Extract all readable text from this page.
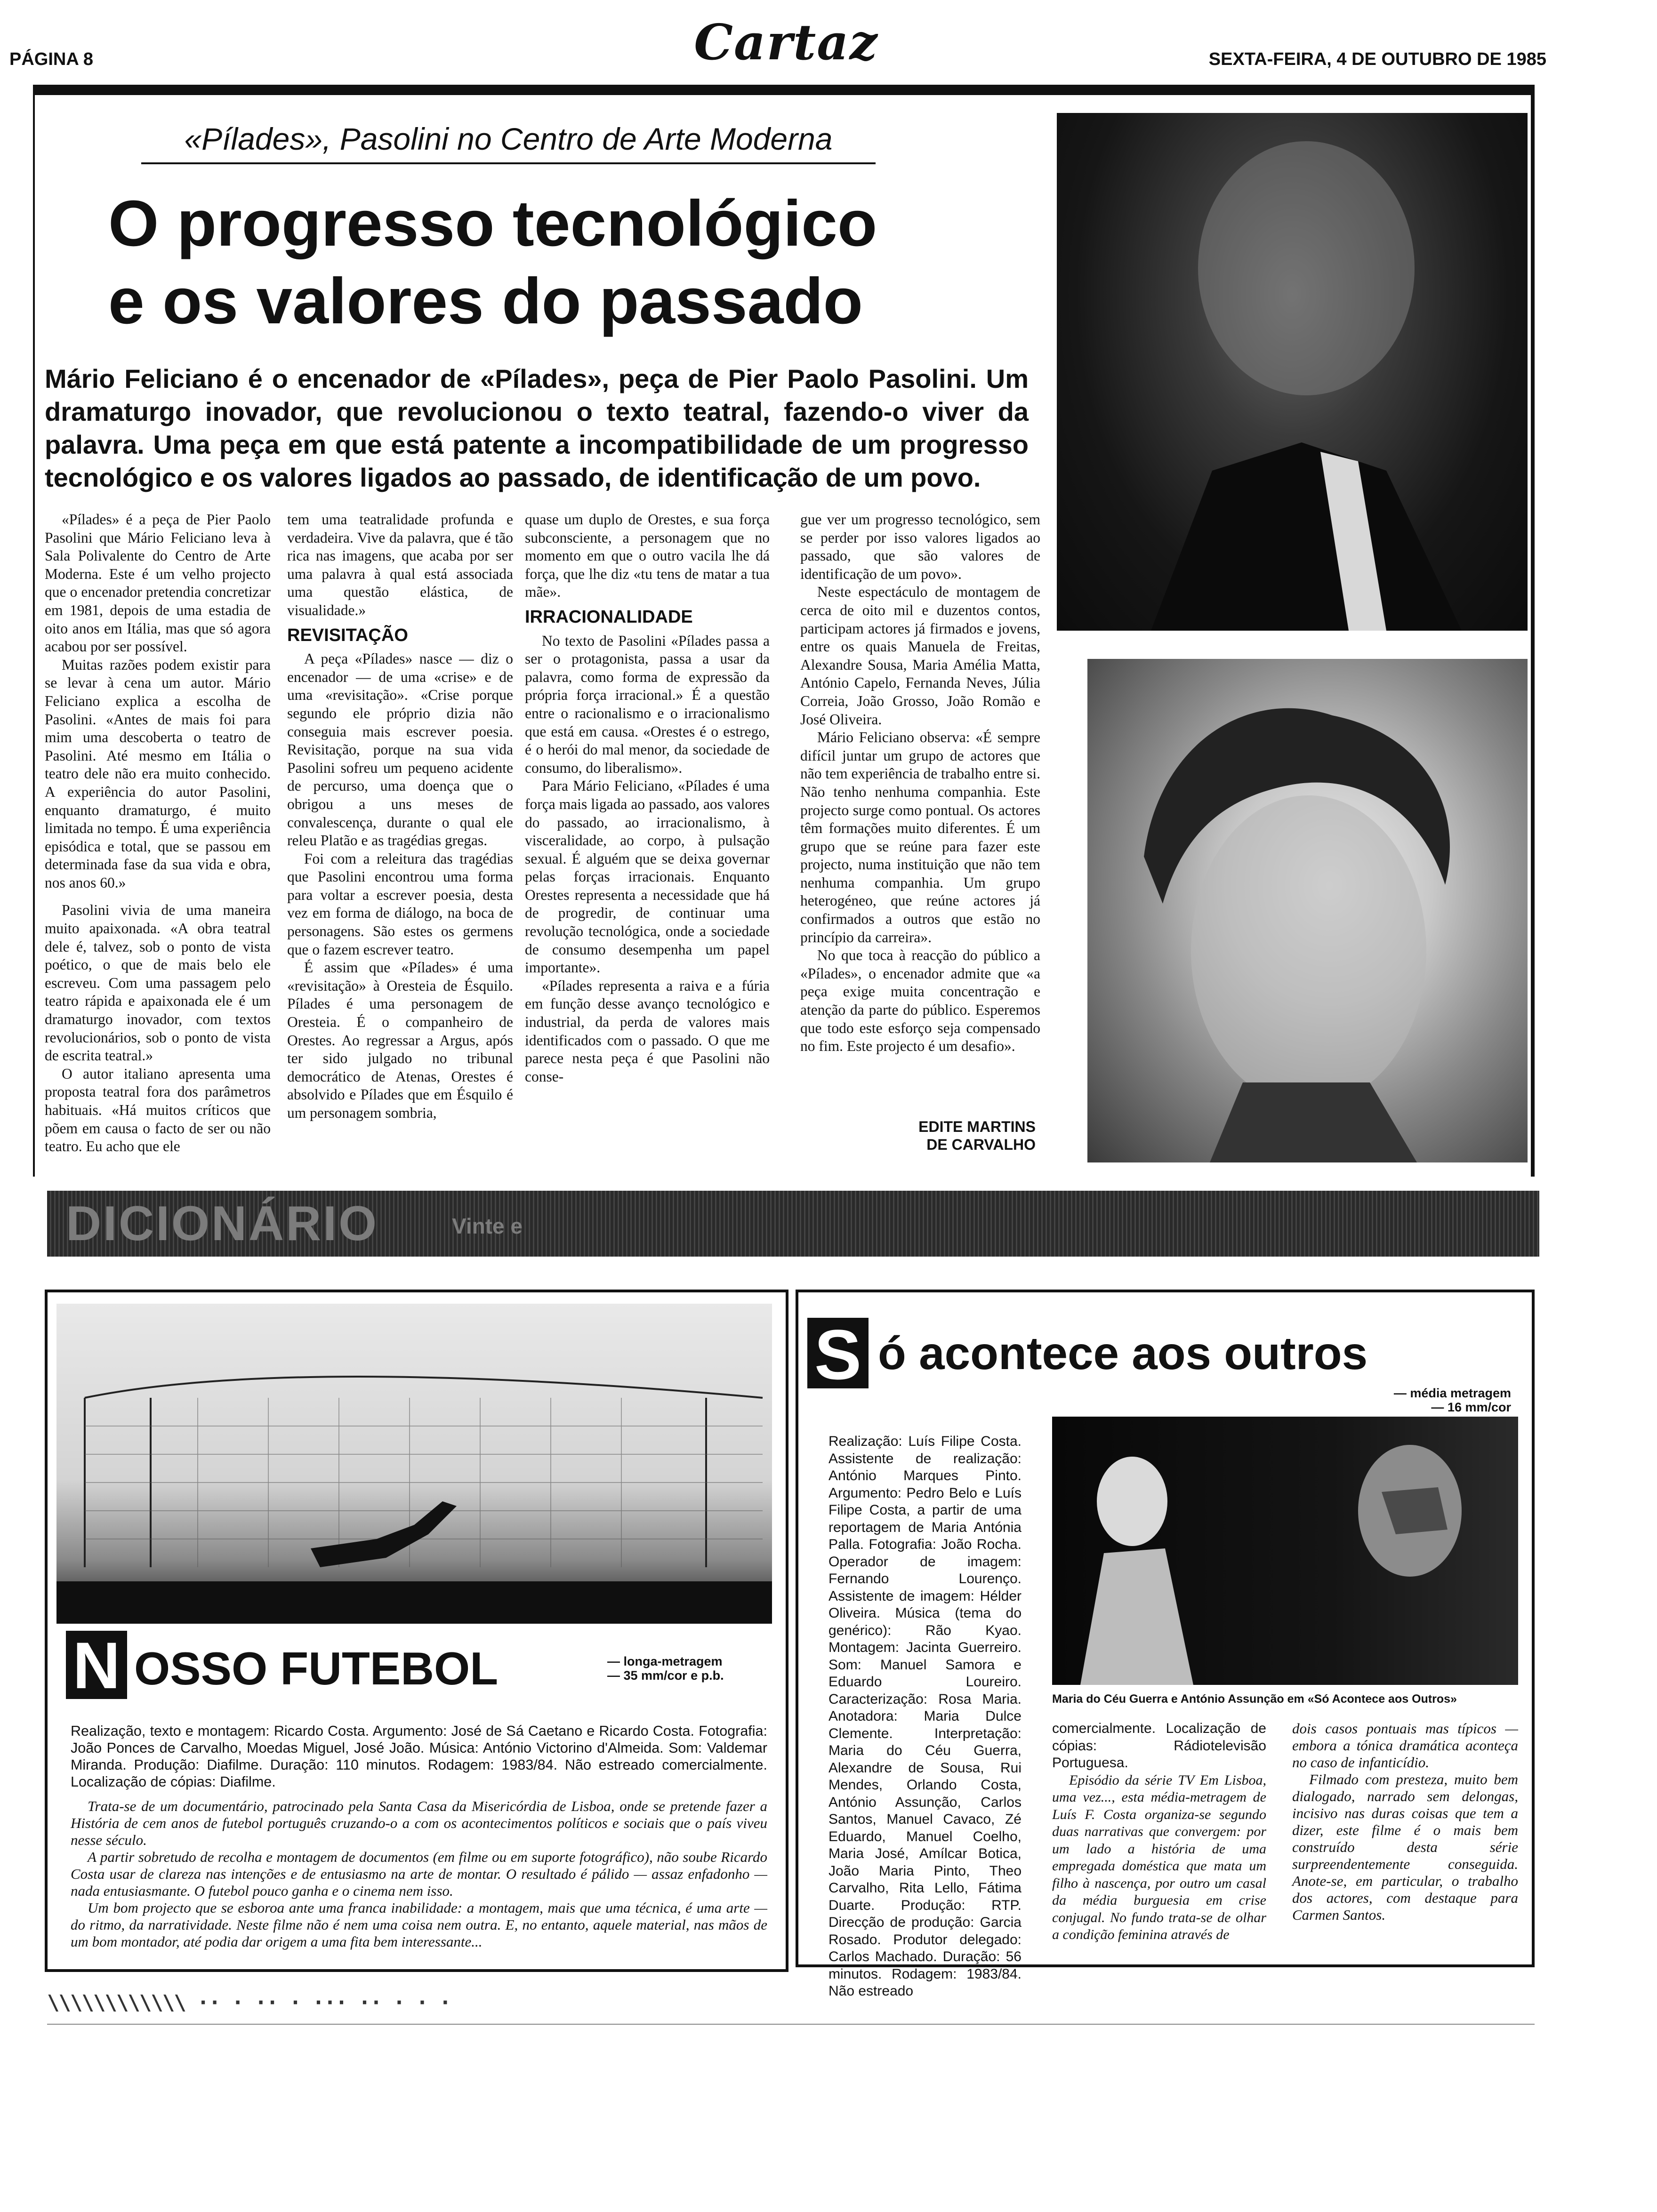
PÁGINA 8	Cartaz	SEXTA-FEIRA, 4 DE OUTUBRO DE 1985
«Pílades», Pasolini no Centro de Arte Moderna
O progresso tecnológico
e os valores do passado
Mário Feliciano é o encenador de «Pílades», peça de Pier Paolo Pasolini. Um dramaturgo inovador, que revolucionou o texto teatral, fazendo-o viver da palavra. Uma peça em que está patente a incompatibilidade de um progresso tecnológico e os valores ligados ao passado, de identificação de um povo.

«Pílades» é a peça de Pier Paolo Pasolini que Mário Feliciano leva à Sala Polivalente do Centro de Arte Moderna. Este é um velho projecto que o encenador pretendia concretizar em 1981, depois de uma estadia de oito anos em Itália, mas que só agora acabou por ser possível.

Muitas razões podem existir para se levar à cena um autor. Mário Feliciano explica a escolha de Pasolini. «Antes de mais foi para mim uma descoberta o teatro de Pasolini. Até mesmo em Itália o teatro dele não era muito conhecido. A experiência do autor Pasolini, enquanto dramaturgo, é muito limitada no tempo. É uma experiência episódica e total, que se passou em determinada fase da sua vida e obra, nos anos 60.»

Pasolini vivia de uma maneira muito apaixonada. «A obra teatral dele é, talvez, sob o ponto de vista poético, o que de mais belo ele escreveu. Com uma passagem pelo teatro rápida e apaixonada ele é um dramaturgo inovador, com textos revolucionários, sob o ponto de vista de escrita teatral.»

O autor italiano apresenta uma proposta teatral fora dos parâmetros habituais. «Há muitos críticos que põem em causa o facto de ser ou não teatro. Eu acho que ele

tem uma teatralidade profunda e verdadeira. Vive da palavra, que é tão rica nas imagens, que acaba por ser uma palavra à qual está associada uma questão elástica, de visualidade.»

REVISITAÇÃO

A peça «Pílades» nasce — diz o encenador — de uma «crise» e de uma «revisitação». «Crise porque segundo ele próprio dizia não conseguia mais escrever poesia. Revisitação, porque na sua vida Pasolini sofreu um pequeno acidente de percurso, uma doença que o obrigou a uns meses de convalescença, durante o qual ele releu Platão e as tragédias gregas.

Foi com a releitura das tragédias que Pasolini encontrou uma forma para voltar a escrever poesia, desta vez em forma de diálogo, na boca de personagens. São estes os germens que o fazem escrever teatro.

É assim que «Pílades» é uma «revisitação» à Oresteia de Ésquilo. Pílades é uma personagem de Oresteia. É o companheiro de Orestes. Ao regressar a Argus, após ter sido julgado no tribunal democrático de Atenas, Orestes é absolvido e Pílades que em Ésquilo é um personagem sombria,

quase um duplo de Orestes, e sua força subconsciente, a personagem que no momento em que o outro vacila lhe dá força, que lhe diz «tu tens de matar a tua mãe».

IRRACIONALIDADE

No texto de Pasolini «Pílades passa a ser o protagonista, passa a usar da palavra, como forma de expressão da própria força irracional.» É a questão entre o racionalismo e o irracionalismo que está em causa. «Orestes é o estrego, é o herói do mal menor, da sociedade de consumo, do liberalismo».

Para Mário Feliciano, «Pílades é uma força mais ligada ao passado, aos valores do passado, ao irracionalismo, à visceralidade, ao corpo, à pulsação sexual. É alguém que se deixa governar pelas forças irracionais. Enquanto Orestes representa a necessidade que há de progredir, de continuar uma revolução tecnológica, onde a sociedade de consumo desempenha um papel importante».

«Pílades representa a raiva e a fúria em função desse avanço tecnológico e industrial, da perda de valores mais identificados com o passado. O que me parece nesta peça é que Pasolini não conse-

gue ver um progresso tecnológico, sem se perder por isso valores ligados ao passado, que são valores de identificação de um povo».

Neste espectáculo de montagem de cerca de oito mil e duzentos contos, participam actores já firmados e jovens, entre os quais Manuela de Freitas, Alexandre Sousa, Maria Amélia Matta, António Capelo, Fernanda Neves, Júlia Correia, João Grosso, João Romão e José Oliveira.

Mário Feliciano observa: «É sempre difícil juntar um grupo de actores que não tem experiência de trabalho entre si. Não tenho nenhuma companhia. Este projecto surge como pontual. Os actores têm formações muito diferentes. É um grupo que se reúne para fazer este projecto, numa instituição que não tem nenhuma companhia. Um grupo heterogéneo, que reúne actores já confirmados a outros que estão no princípio da carreira».

No que toca à reacção do público a «Pílades», o encenador admite que «a peça exige muita concentração e atenção da parte do público. Esperemos que todo este esforço seja compensado no fim. Este projecto é um desafio».

EDITE MARTINS
DE CARVALHO
DICIONÁRIO	Vinte e
N OSSO FUTEBOL	— longa-metragem
— 35 mm/cor e p.b.
Realização, texto e montagem: Ricardo Costa. Argumento: José de Sá Caetano e Ricardo Costa. Fotografia: João Ponces de Carvalho, Moedas Miguel, José João. Música: António Victorino d'Almeida. Som: Valdemar Miranda. Produção: Diafilme. Duração: 110 minutos. Rodagem: 1983/84. Não estreado comercialmente. Localização de cópias: Diafilme.

Trata-se de um documentário, patrocinado pela Santa Casa da Misericórdia de Lisboa, onde se pretende fazer a História de cem anos de futebol português cruzando-o a com os acontecimentos políticos e sociais que o país viveu nesse século.

A partir sobretudo de recolha e montagem de documentos (em filme ou em suporte fotográfico), não soube Ricardo Costa usar de clareza nas intenções e de entusiasmo na arte de montar. O resultado é pálido — assaz enfadonho — nada entusiasmante. O futebol pouco ganha e o cinema nem isso.

Um bom projecto que se esboroa ante uma franca inabilidade: a montagem, mais que uma técnica, é uma arte — do ritmo, da narratividade. Neste filme não é nem uma coisa nem outra. E, no entanto, aquele material, nas mãos de um bom montador, até podia dar origem a uma fita bem interessante...

S ó acontece aos outros
— média metragem
— 16 mm/cor
Realização: Luís Filipe Costa. Assistente de realização: António Marques Pinto. Argumento: Pedro Belo e Luís Filipe Costa, a partir de uma reportagem de Maria Antónia Palla. Fotografia: João Rocha. Operador de imagem: Fernando Lourenço. Assistente de imagem: Hélder Oliveira. Música (tema do genérico): Rão Kyao. Montagem: Jacinta Guerreiro. Som: Manuel Samora e Eduardo Loureiro. Caracterização: Rosa Maria. Anotadora: Maria Dulce Clemente. Interpretação: Maria do Céu Guerra, Alexandre de Sousa, Rui Mendes, Orlando Costa, António Assunção, Carlos Santos, Manuel Cavaco, Zé Eduardo, Manuel Coelho, Maria José, Amílcar Botica, João Maria Pinto, Theo Carvalho, Rita Lello, Fátima Duarte. Produção: RTP. Direcção de produção: Garcia Rosado. Produtor delegado: Carlos Machado. Duração: 56 minutos. Rodagem: 1983/84. Não estreado
Maria do Céu Guerra e António Assunção em «Só Acontece aos Outros»

comercialmente. Localização de cópias: Rádiotelevisão Portuguesa.

Episódio da série TV Em Lisboa, uma vez..., esta média-metragem de Luís F. Costa organiza-se segundo duas narrativas que convergem: por um lado a história de uma empregada doméstica que mata um filho à nascença, por outro um casal da média burguesia em crise conjugal. No fundo trata-se de olhar a condição feminina através de

dois casos pontuais mas típicos — embora a tónica dramática aconteça no caso de infanticídio.

Filmado com presteza, muito bem dialogado, narrado sem delongas, incisivo nas duras coisas que tem a dizer, este filme é o mais bem construído desta série surpreendentemente conseguida. Anote-se, em particular, o trabalho dos actores, com destaque para Carmen Santos.

\\\\\\\\\\\\ ·· · ·· · ··· ·· · · ·
